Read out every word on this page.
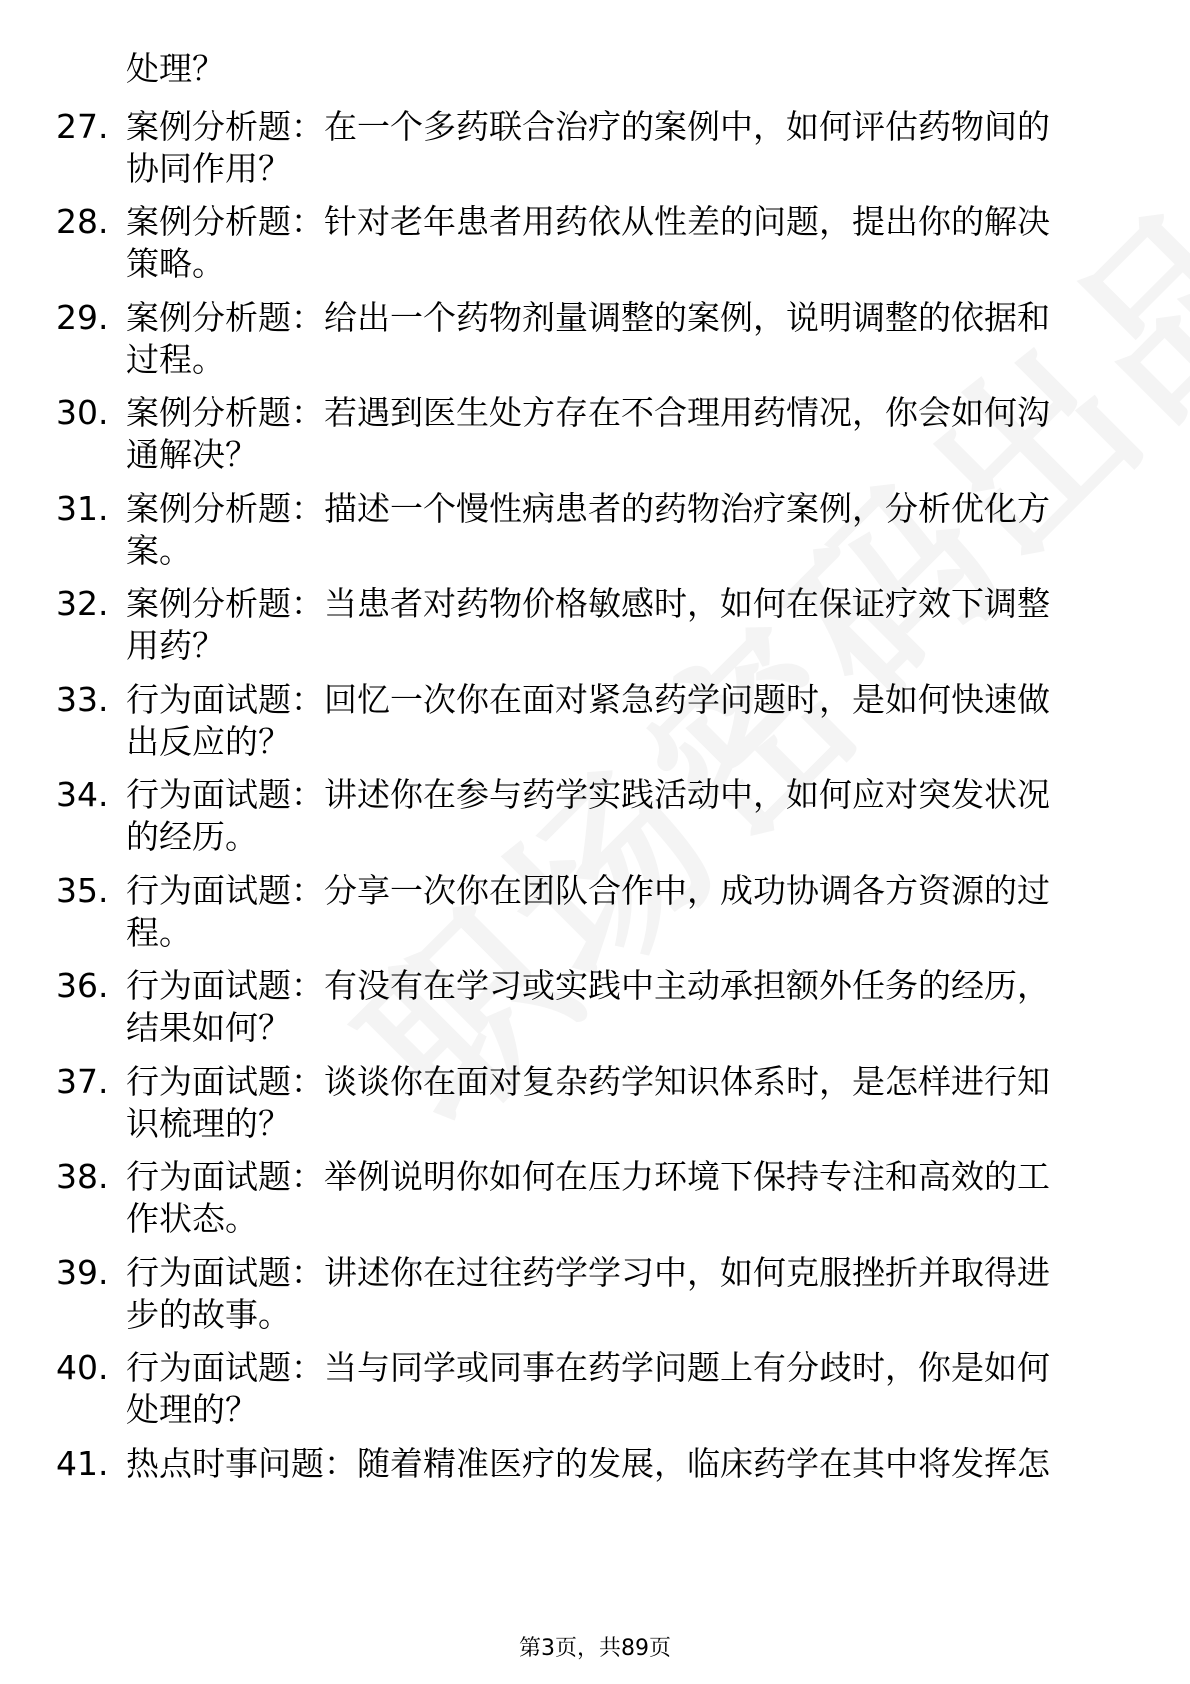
处理？
27. 案例分析题：在一个多药联合治疗的案例中，如何评估药物间的
协同作用？
28. 案例分析题：针对老年患者用药依从性差的问题，提出你的解决
策略。
29. 案例分析题：给出一个药物剂量调整的案例，说明调整的依据和
过程。
30. 案例分析题：若遇到医生处方存在不合理用药情况，你会如何沟
通解决？
31. 案例分析题：描述一个慢性病患者的药物治疗案例，分析优化方
案。
32. 案例分析题：当患者对药物价格敏感时，如何在保证疗效下调整
用药？
33. 行为面试题：回忆一次你在面对紧急药学问题时，是如何快速做
出反应的？
34. 行为面试题：讲述你在参与药学实践活动中，如何应对突发状况
的经历。
35. 行为面试题：分享一次你在团队合作中，成功协调各方资源的过
程。
36. 行为面试题：有没有在学习或实践中主动承担额外任务的经历，
结果如何？
37. 行为面试题：谈谈你在面对复杂药学知识体系时，是怎样进行知
识梳理的？
38. 行为面试题：举例说明你如何在压力环境下保持专注和高效的工
作状态。
39. 行为面试题：讲述你在过往药学学习中，如何克服挫折并取得进
步的故事。
40. 行为面试题：当与同学或同事在药学问题上有分歧时，你是如何
处理的？
41. 热点时事问题：随着精准医疗的发展，临床药学在其中将发挥怎
第3页，共89页
